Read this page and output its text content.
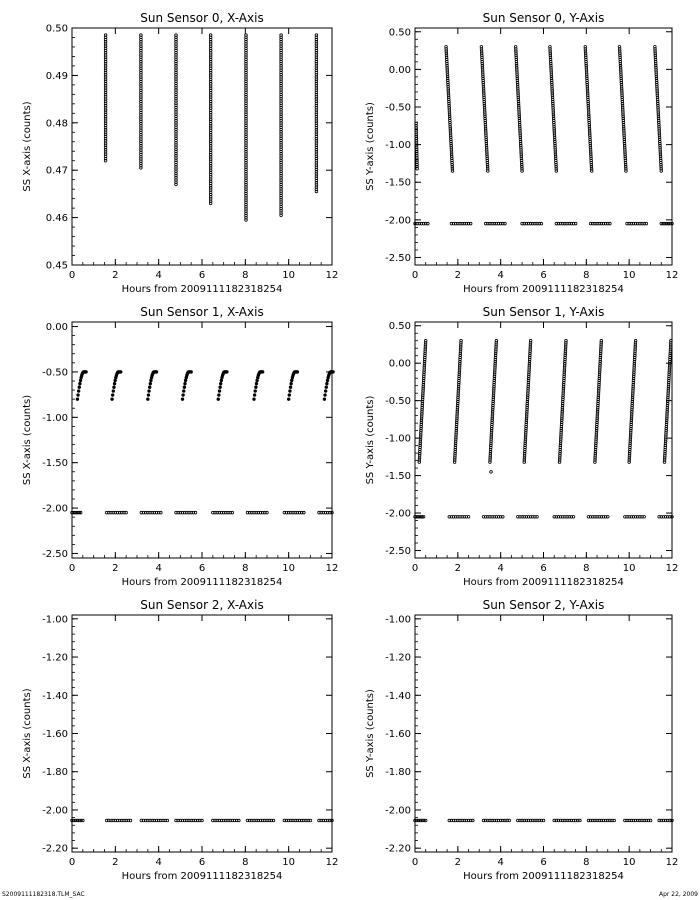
Sun Sensor 0, X-Axis
0	2	4	6	8	10	12
0.45
0.46
0.47
0.48
0.49
0.50
Hours from 2009111182318254
SS X-axis (counts)
Sun Sensor 0, Y-Axis
0	2	4	6	8	10	12
-2.50
-2.00
-1.50
-1.00
-0.50
0.00
0.50
Hours from 2009111182318254
SS Y-axis (counts)
Sun Sensor 1, X-Axis
0	2	4	6	8	10	12
-2.50
-2.00
-1.50
-1.00
-0.50
0.00
Hours from 2009111182318254
SS X-axis (counts)
Sun Sensor 1, Y-Axis
0	2	4	6	8	10	12
-2.50
-2.00
-1.50
-1.00
-0.50
0.00
0.50
Hours from 2009111182318254
SS Y-axis (counts)
Sun Sensor 2, X-Axis
0	2	4	6	8	10	12
-2.20
-2.00
-1.80
-1.60
-1.40
-1.20
-1.00
Hours from 2009111182318254
SS X-axis (counts)
Sun Sensor 2, Y-Axis
0	2	4	6	8	10	12
-2.20
-2.00
-1.80
-1.60
-1.40
-1.20
-1.00
Hours from 2009111182318254
SS Y-axis (counts)
S2009111182318.TLM_SAC	Apr 22, 2009
